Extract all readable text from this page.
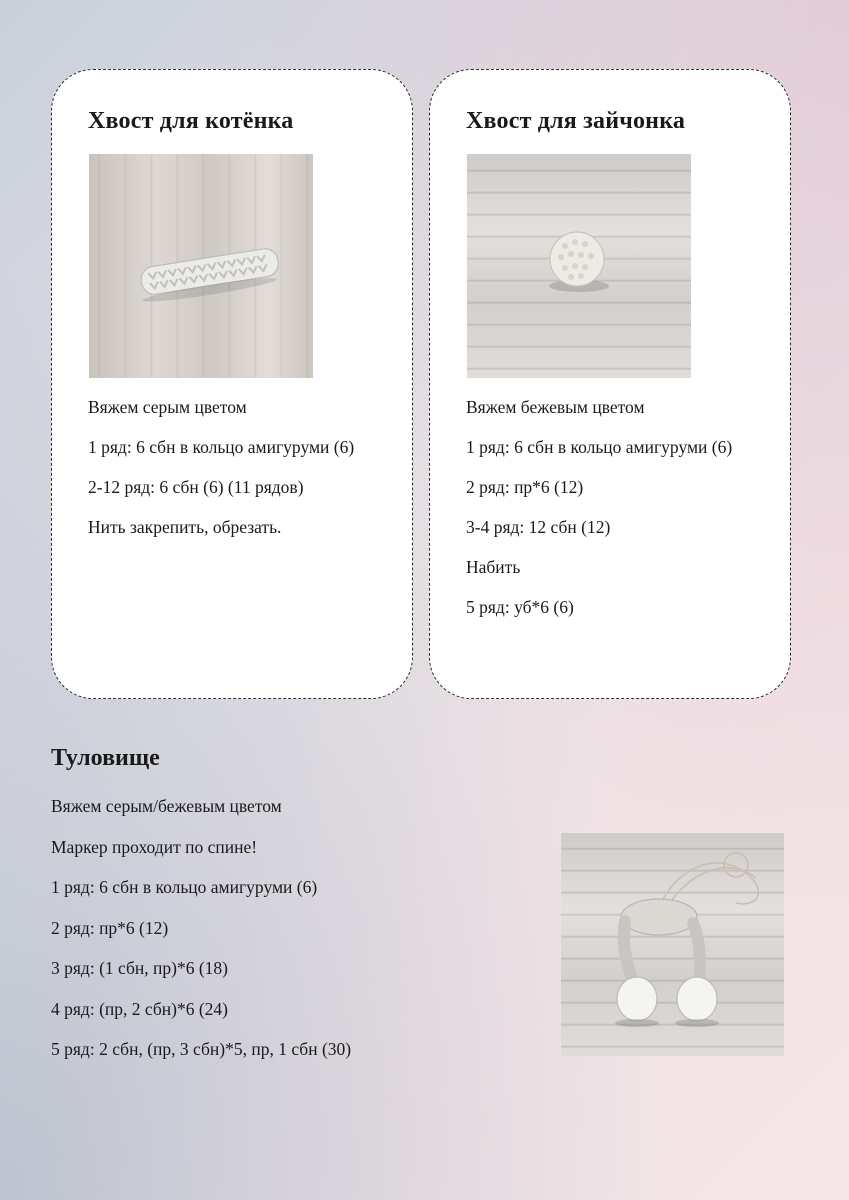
Хвост для котёнка

Вяжем серым цветом

1 ряд: 6 сбн в кольцо амигуруми (6)

2-12 ряд: 6 сбн (6) (11 рядов)

Нить закрепить, обрезать.

Хвост для зайчонка

Вяжем бежевым цветом

1 ряд: 6 сбн в кольцо амигуруми (6)

2 ряд: пр*6 (12)

3-4 ряд: 12 сбн (12)

Набить

5 ряд: уб*6 (6)

Туловище

Вяжем серым/бежевым цветом

Маркер проходит по спине!

1 ряд: 6 сбн в кольцо амигуруми (6)

2 ряд: пр*6 (12)

3 ряд: (1 сбн, пр)*6 (18)

4 ряд: (пр, 2 сбн)*6 (24)

5 ряд: 2 сбн, (пр, 3 сбн)*5, пр, 1 сбн (30)
